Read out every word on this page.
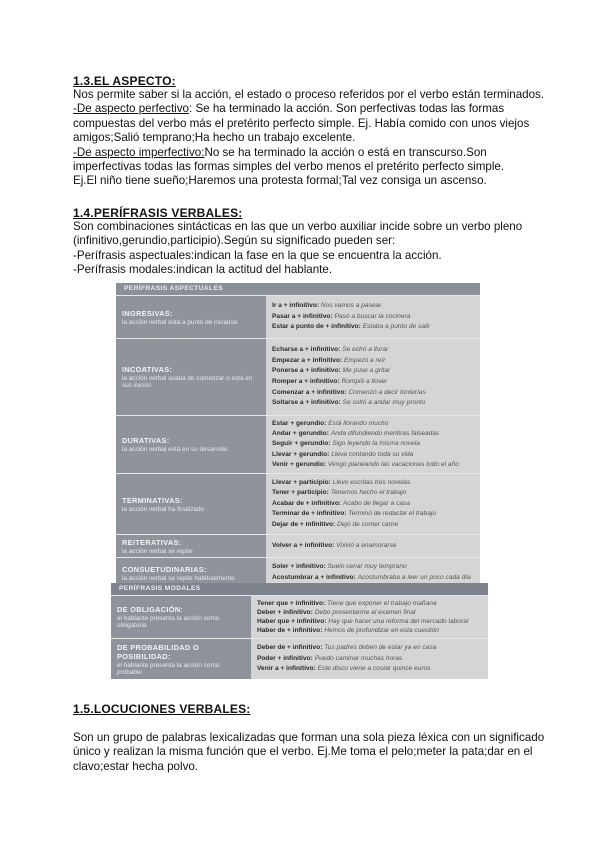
1.3.EL ASPECTO:
Nos permite saber si la acción, el estado o proceso referidos por el verbo están terminados.
-De aspecto perfectivo: Se ha terminado la acción. Son perfectivas todas las formas
compuestas del verbo más el pretérito perfecto simple. Ej. Había comido con unos viejos
amigos;Salió temprano;Ha hecho un trabajo excelente.
-De aspecto imperfectivo:No se ha terminado la acción o está en transcurso.Son
imperfectivas todas las formas simples del verbo menos el pretérito perfecto simple.
Ej.El niño tiene sueño;Haremos una protesta formal;Tal vez consiga un ascenso.
1.4.PERÍFRASIS VERBALES:
Son combinaciones sintácticas en las que un verbo auxiliar incide sobre un verbo pleno
(infinitivo,gerundio,participio).Según su significado pueden ser:
-Perífrasis aspectuales:indican la fase en la que se encuentra la acción.
-Perífrasis modales:indican la actitud del hablante.
PERÍFRASIS ASPECTUALES
INGRESIVAS:
la acción verbal está a punto de iniciarse
Ir a + infinitivo: Nos vamos a pasear
Pasar a + infinitivo: Pasó a buscar la cocinera
Estar a punto de + infinitivo: Estaba a punto de salir
INCOATIVAS:
la acción verbal acaba de comenzar o está en sus inicios
Echarse a + infinitivo: Se echó a llorar
Empezar a + infinitivo: Empezó a reír
Ponerse a + infinitivo: Me puse a gritar
Romper a + infinitivo: Rompió a llover
Comenzar a + infinitivo: Comenzó a decir tonterías
Soltarse a + infinitivo: Se soltó a andar muy pronto
DURATIVAS:
la acción verbal está en su desarrollo
Estar + gerundio: Está llorando mucho
Andar + gerundio: Anda difundiendo mentiras falseadas
Seguir + gerundio: Sigo leyendo la misma novela
Llevar + gerundio: Lleva contando toda su vida
Venir + gerundio: Vengo planeando las vacaciones todo el año
TERMINATIVAS:
la acción verbal ha finalizado
Llevar + participio: Llevo escritas tres novelas
Tener + participio: Tenemos hecho el trabajo
Acabar de + infinitivo: Acabo de llegar a casa
Terminar de + infinitivo: Terminó de redactar el trabajo
Dejar de + infinitivo: Dejó de comer carne
REITERATIVAS:
la acción verbal se repite
Volver a + infinitivo: Volvió a enamorarse
CONSUETUDINARIAS:
la acción verbal se repite habitualmente
Soler + infinitivo: Suelo cenar muy temprano
Acostumbrar a + infinitivo: Acostumbraba a leer un poco cada día
PERÍFRASIS MODALES
DE OBLIGACIÓN:
el hablante presenta la acción como obligatoria
Tener que + infinitivo: Tiene que exponer el trabajo mañana
Deber + infinitivo: Debo presentarme al examen final
Haber que + infinitivo: Hay que hacer una reforma del mercado laboral
Haber de + infinitivo: Hemos de profundizar en esta cuestión
DE PROBABILIDAD O POSIBILIDAD:
el hablante presenta la acción como probable
Deber de + infinitivo: Tus padres deben de estar ya en casa
Poder + infinitivo: Puedo caminar muchas horas
Venir a + infinitivo: Este disco viene a costar quince euros
1.5.LOCUCIONES VERBALES:
Son un grupo de palabras lexicalizadas que forman una sola pieza léxica con un significado
único y realizan la misma función que el verbo. Ej.Me toma el pelo;meter la pata;dar en el
clavo;estar hecha polvo.
